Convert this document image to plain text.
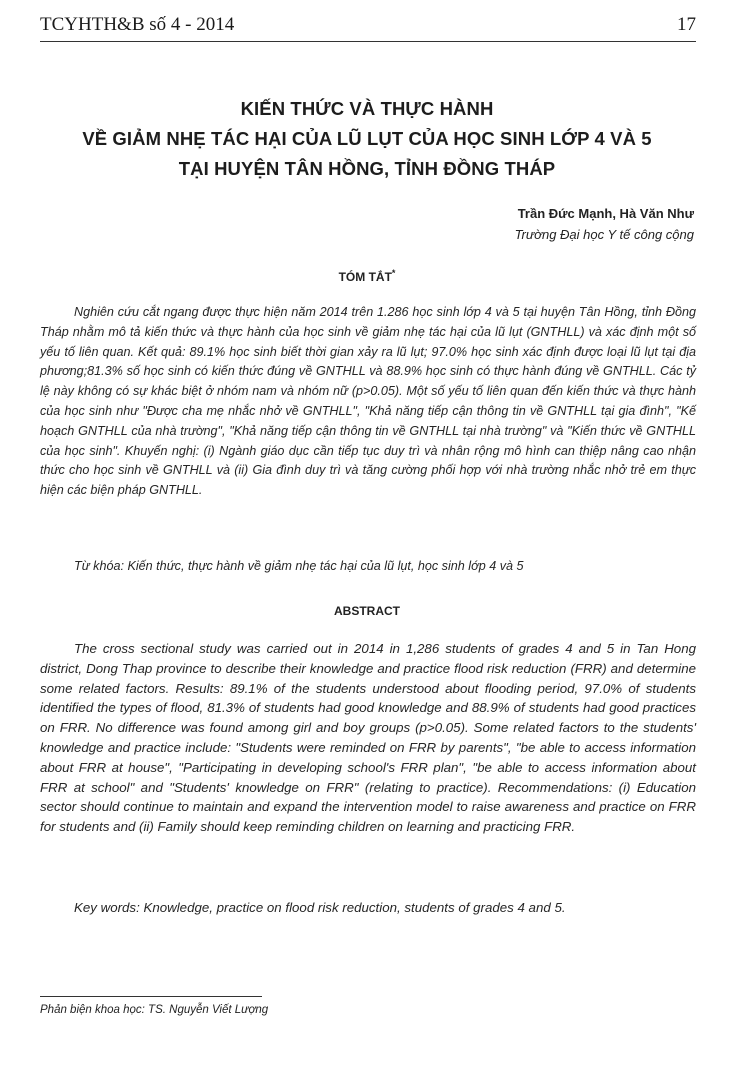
TCYHTH&B số 4 - 2014	17
KIẾN THỨC VÀ THỰC HÀNH
VỀ GIẢM NHẸ TÁC HẠI CỦA LŨ LỤT CỦA HỌC SINH LỚP 4 VÀ 5
TẠI HUYỆN TÂN HỒNG, TỈNH ĐỒNG THÁP
Trần Đức Mạnh, Hà Văn Như
Trường Đại học Y tế công cộng
TÓM TẮT*
Nghiên cứu cắt ngang được thực hiện năm 2014 trên 1.286 học sinh lớp 4 và 5 tại huyện Tân Hồng, tỉnh Đồng Tháp nhằm mô tả kiến thức và thực hành của học sinh về giảm nhẹ tác hại của lũ lụt (GNTHLL) và xác định một số yếu tố liên quan. Kết quả: 89.1% học sinh biết thời gian xảy ra lũ lụt; 97.0% học sinh xác định được loại lũ lụt tại địa phương;81.3% số học sinh có kiến thức đúng về GNTHLL và 88.9% học sinh có thực hành đúng về GNTHLL. Các tỷ lệ này không có sự khác biệt ở nhóm nam và nhóm nữ (p>0.05). Một số yếu tố liên quan đến kiến thức và thực hành của học sinh như "Được cha mẹ nhắc nhở về GNTHLL", "Khả năng tiếp cận thông tin về GNTHLL tại gia đình", "Kế hoạch GNTHLL của nhà trường", "Khả năng tiếp cận thông tin về GNTHLL tại nhà trường" và "Kiến thức về GNTHLL của học sinh". Khuyến nghị: (i) Ngành giáo dục cần tiếp tục duy trì và nhân rộng mô hình can thiệp nâng cao nhận thức cho học sinh về GNTHLL và (ii) Gia đình duy trì và tăng cường phối hợp với nhà trường nhắc nhở trẻ em thực hiện các biện pháp GNTHLL.
Từ khóa: Kiến thức, thực hành về giảm nhẹ tác hại của lũ lụt, học sinh lớp 4 và 5
ABSTRACT
The cross sectional study was carried out in 2014 in 1,286 students of grades 4 and 5 in Tan Hong district, Dong Thap province to describe their knowledge and practice flood risk reduction (FRR) and determine some related factors. Results: 89.1% of the students understood about flooding period, 97.0% of students identified the types of flood, 81.3% of students had good knowledge and 88.9% of students had good practices on FRR. No difference was found among girl and boy groups (p>0.05). Some related factors to the students' knowledge and practice include: "Students were reminded on FRR by parents", "be able to access information about FRR at house", "Participating in developing school's FRR plan", "be able to access information about FRR at school" and "Students' knowledge on FRR" (relating to practice). Recommendations: (i) Education sector should continue to maintain and expand the intervention model to raise awareness and practice on FRR for students and (ii) Family should keep reminding children on learning and practicing FRR.
Key words: Knowledge, practice on flood risk reduction, students of grades 4 and 5.
Phản biện khoa học: TS. Nguyễn Viết Lượng
